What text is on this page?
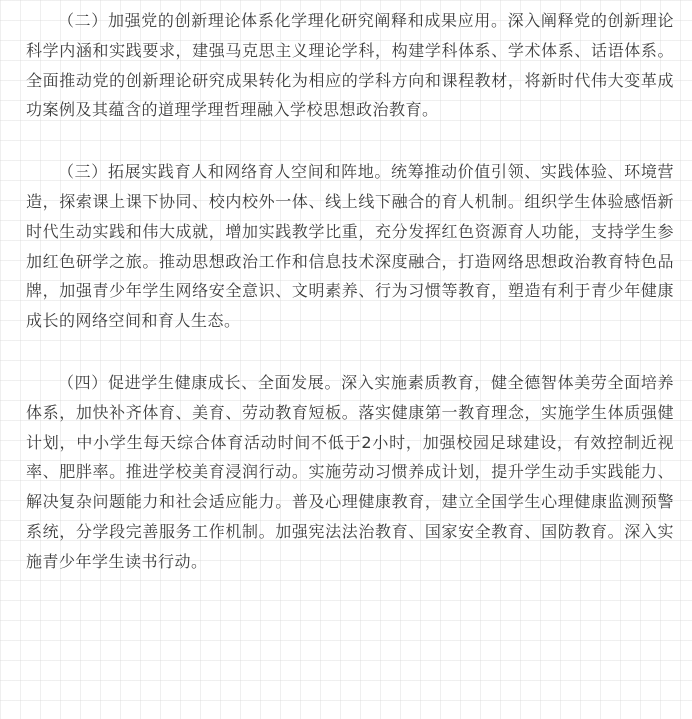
（二）加强党的创新理论体系化学理化研究阐释和成果应用。深入阐释党的创新理论科学内涵和实践要求，建强马克思主义理论学科，构建学科体系、学术体系、话语体系。全面推动党的创新理论研究成果转化为相应的学科方向和课程教材，将新时代伟大变革成功案例及其蕴含的道理学理哲理融入学校思想政治教育。

（三）拓展实践育人和网络育人空间和阵地。统筹推动价值引领、实践体验、环境营造，探索课上课下协同、校内校外一体、线上线下融合的育人机制。组织学生体验感悟新时代生动实践和伟大成就，增加实践教学比重，充分发挥红色资源育人功能，支持学生参加红色研学之旅。推动思想政治工作和信息技术深度融合，打造网络思想政治教育特色品牌，加强青少年学生网络安全意识、文明素养、行为习惯等教育，塑造有利于青少年健康成长的网络空间和育人生态。

（四）促进学生健康成长、全面发展。深入实施素质教育，健全德智体美劳全面培养体系，加快补齐体育、美育、劳动教育短板。落实健康第一教育理念，实施学生体质强健计划，中小学生每天综合体育活动时间不低于2小时，加强校园足球建设，有效控制近视率、肥胖率。推进学校美育浸润行动。实施劳动习惯养成计划，提升学生动手实践能力、解决复杂问题能力和社会适应能力。普及心理健康教育，建立全国学生心理健康监测预警系统，分学段完善服务工作机制。加强宪法法治教育、国家安全教育、国防教育。深入实施青少年学生读书行动。
